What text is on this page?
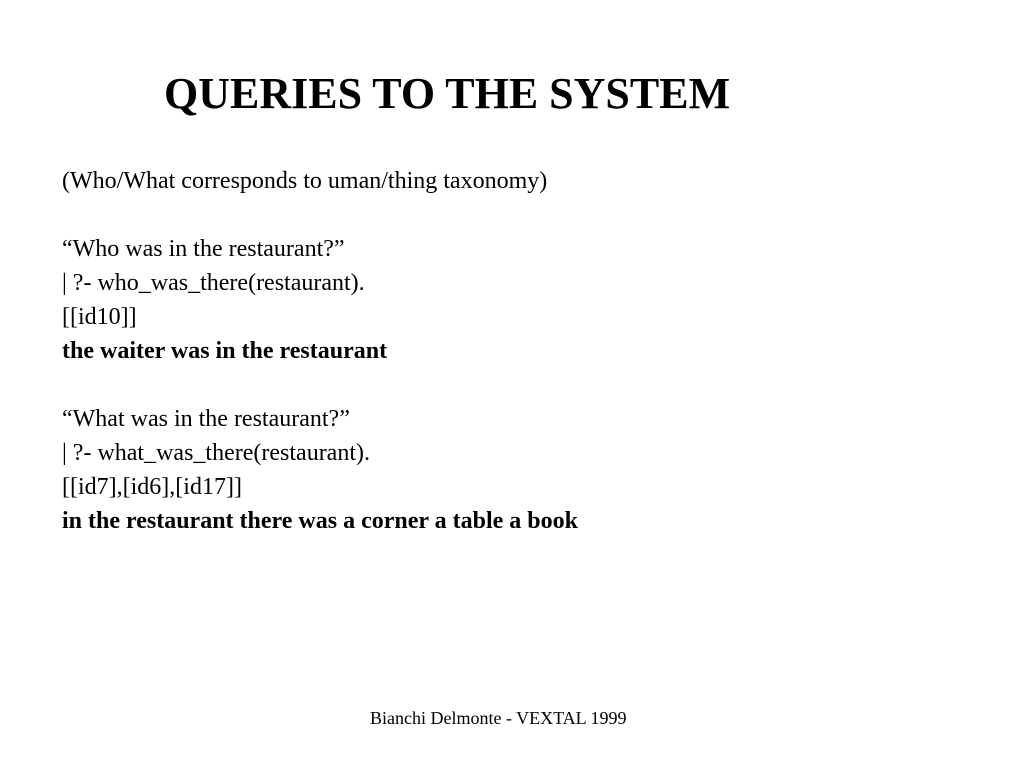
QUERIES TO THE SYSTEM
(Who/What corresponds to uman/thing taxonomy)
“Who was in the restaurant?”
| ?- who_was_there(restaurant).
[[id10]]
the waiter was in the restaurant
“What was in the restaurant?”
| ?- what_was_there(restaurant).
[[id7],[id6],[id17]]
in the restaurant there was a corner a table a book
Bianchi Delmonte - VEXTAL 1999
